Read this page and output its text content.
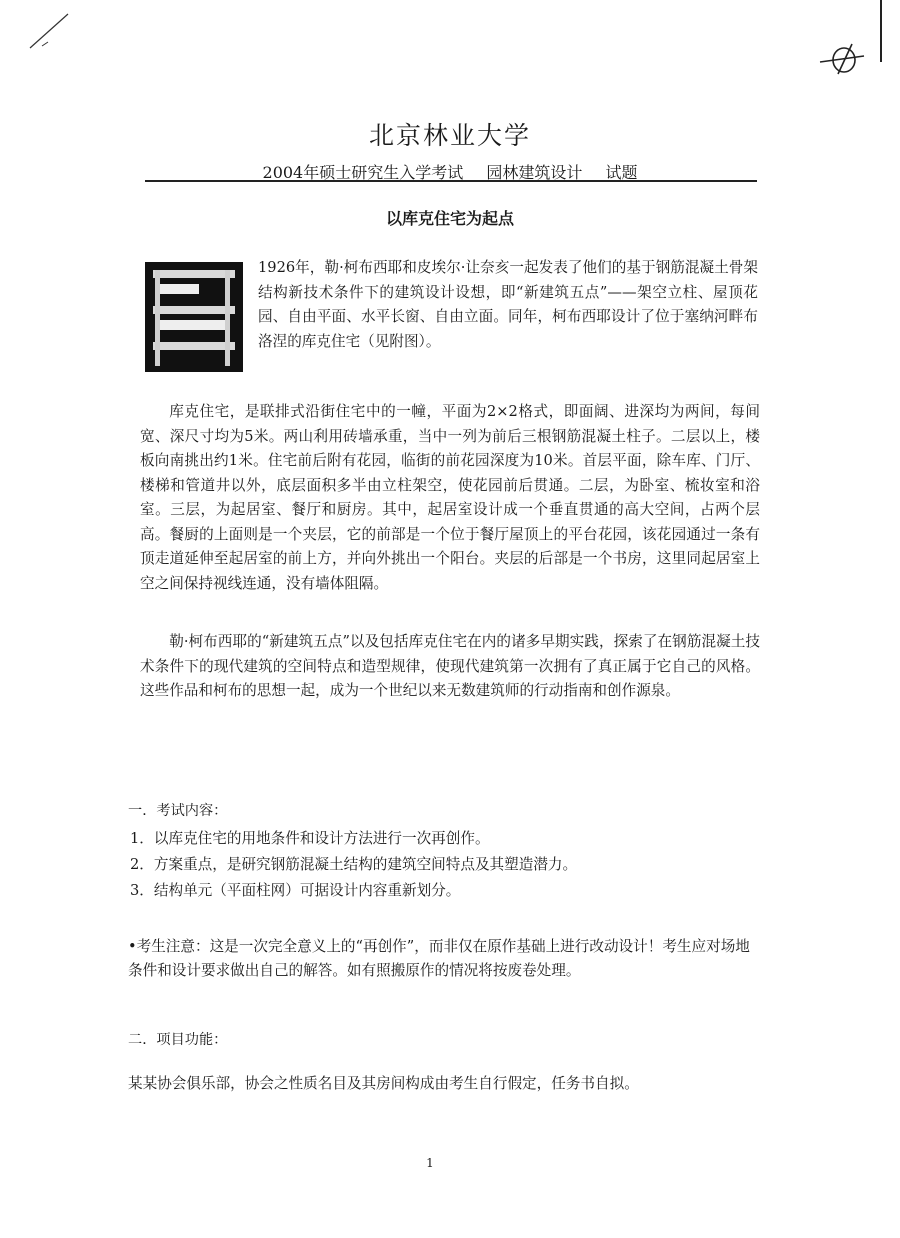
北京林业大学
2004年硕士研究生入学考试 园林建筑设计 试题
以库克住宅为起点
1926年，勒·柯布西耶和皮埃尔·让奈亥一起发表了他们的基于钢筋混凝土骨架结构新技术条件下的建筑设计设想，即“新建筑五点”——架空立柱、屋顶花园、自由平面、水平长窗、自由立面。同年，柯布西耶设计了位于塞纳河畔布洛涅的库克住宅（见附图）。
库克住宅，是联排式沿街住宅中的一幢，平面为2×2格式，即面阔、进深均为两间，每间宽、深尺寸均为5米。两山利用砖墙承重，当中一列为前后三根钢筋混凝土柱子。二层以上，楼板向南挑出约1米。住宅前后附有花园，临街的前花园深度为10米。首层平面，除车库、门厅、楼梯和管道井以外，底层面积多半由立柱架空，使花园前后贯通。二层，为卧室、梳妆室和浴室。三层，为起居室、餐厅和厨房。其中，起居室设计成一个垂直贯通的高大空间，占两个层高。餐厨的上面则是一个夹层，它的前部是一个位于餐厅屋顶上的平台花园，该花园通过一条有顶走道延伸至起居室的前上方，并向外挑出一个阳台。夹层的后部是一个书房，这里同起居室上空之间保持视线连通，没有墙体阻隔。
勒·柯布西耶的“新建筑五点”以及包括库克住宅在内的诸多早期实践，探索了在钢筋混凝土技术条件下的现代建筑的空间特点和造型规律，使现代建筑第一次拥有了真正属于它自己的风格。这些作品和柯布的思想一起，成为一个世纪以来无数建筑师的行动指南和创作源泉。
一．考试内容：
1．以库克住宅的用地条件和设计方法进行一次再创作。
2．方案重点，是研究钢筋混凝土结构的建筑空间特点及其塑造潜力。
3．结构单元（平面柱网）可据设计内容重新划分。
•考生注意：这是一次完全意义上的“再创作”，而非仅在原作基础上进行改动设计！考生应对场地条件和设计要求做出自己的解答。如有照搬原作的情况将按废卷处理。
二．项目功能：
某某协会俱乐部，协会之性质名目及其房间构成由考生自行假定，任务书自拟。
1
